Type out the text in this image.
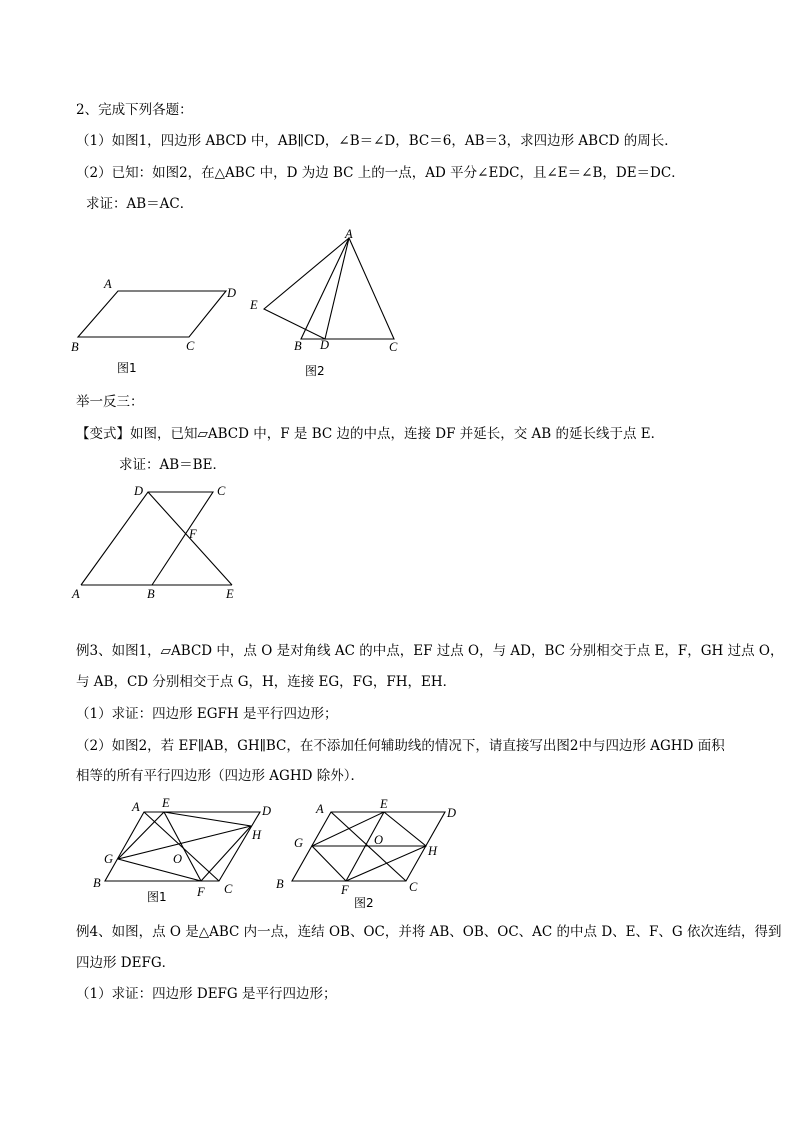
2、完成下列各题：
（1）如图1，四边形 ABCD 中，AB∥CD，∠B＝∠D，BC＝6，AB＝3，求四边形 ABCD 的周长．
（2）已知：如图2，在△ABC 中，D 为边 BC 上的一点，AD 平分∠EDC，且∠E＝∠B，DE＝DC．
求证：AB＝AC．
A
D
B	C
图1
A
E
B D	C
图2
举一反三：
【变式】如图，已知▱ABCD 中，F 是 BC 边的中点，连接 DF 并延长，交 AB 的延长线于点 E．
求证：AB＝BE．
D	C
F
A	B	E
例3、如图1，▱ABCD 中，点 O 是对角线 AC 的中点，EF 过点 O，与 AD，BC 分别相交于点 E，F，GH 过点 O，
与 AB，CD 分别相交于点 G，H，连接 EG，FG，FH，EH．
（1）求证：四边形 EGFH 是平行四边形；
（2）如图2，若 EF∥AB，GH∥BC，在不添加任何辅助线的情况下，请直接写出图2中与四边形 AGHD 面积
相等的所有平行四边形（四边形 AGHD 除外）．
A E
D
H
O
G
B
F C
图1
A	E
D
G	O
H
B	F	C
图2
例4、如图，点 O 是△ABC 内一点，连结 OB、OC，并将 AB、OB、OC、AC 的中点 D、E、F、G 依次连结，得到
四边形 DEFG．
（1）求证：四边形 DEFG 是平行四边形；
